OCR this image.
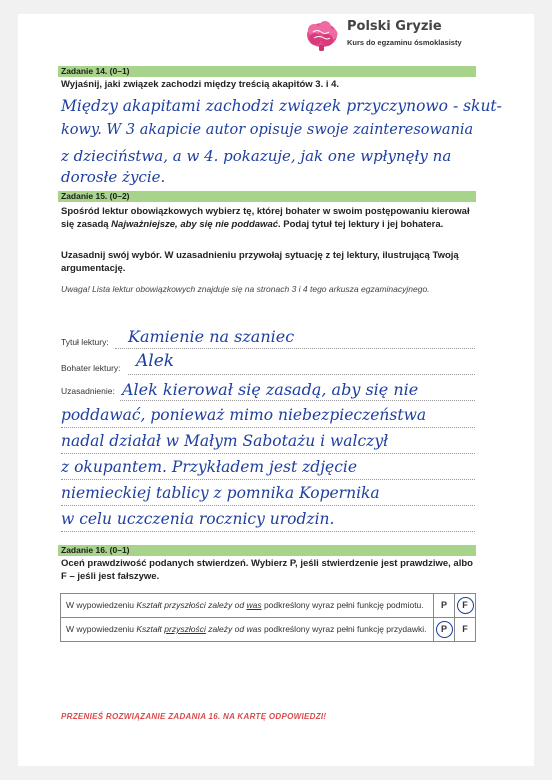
Polski Gryzie
Kurs do egzaminu ósmoklasisty
Zadanie 14. (0–1)
Wyjaśnij, jaki związek zachodzi między treścią akapitów 3. i 4.
Między akapitami zachodzi związek przyczynowo - skut-
kowy. W 3 akapicie autor opisuje swoje zainteresowania
z dzieciństwa, a w 4. pokazuje, jak one wpłynęły na
dorosłe życie.
Zadanie 15. (0–2)
Spośród lektur obowiązkowych wybierz tę, której bohater w swoim postępowaniu kierował się zasadą Najważniejsze, aby się nie poddawać. Podaj tytuł tej lektury i jej bohatera.
Uzasadnij swój wybór. W uzasadnieniu przywołaj sytuację z tej lektury, ilustrującą Twoją argumentację.
Uwaga! Lista lektur obowiązkowych znajduje się na stronach 3 i 4 tego arkusza egzaminacyjnego.
Tytuł lektury: Kamienie na szaniec
Bohater lektury: Alek
Uzasadnienie: Alek kierował się zasadą, aby się nie
poddawać, ponieważ mimo niebezpieczeństwa
nadal działał w Małym Sabotażu i walczył
z okupantem. Przykładem jest zdjęcie
niemieckiej tablicy z pomnika Kopernika
w celu uczczenia rocznicy urodzin.
Zadanie 16. (0–1)
Oceń prawdziwość podanych stwierdzeń. Wybierz P, jeśli stwierdzenie jest prawdziwe, albo F – jeśli jest fałszywe.
W wypowiedzeniu Kształt przyszłości zależy od was podkreślony wyraz pełni funkcję podmiotu.	P	F
W wypowiedzeniu Kształt przyszłości zależy od was podkreślony wyraz pełni funkcję przydawki.	P	F
PRZENIEŚ ROZWIĄZANIE ZADANIA 16. NA KARTĘ ODPOWIEDZI!
